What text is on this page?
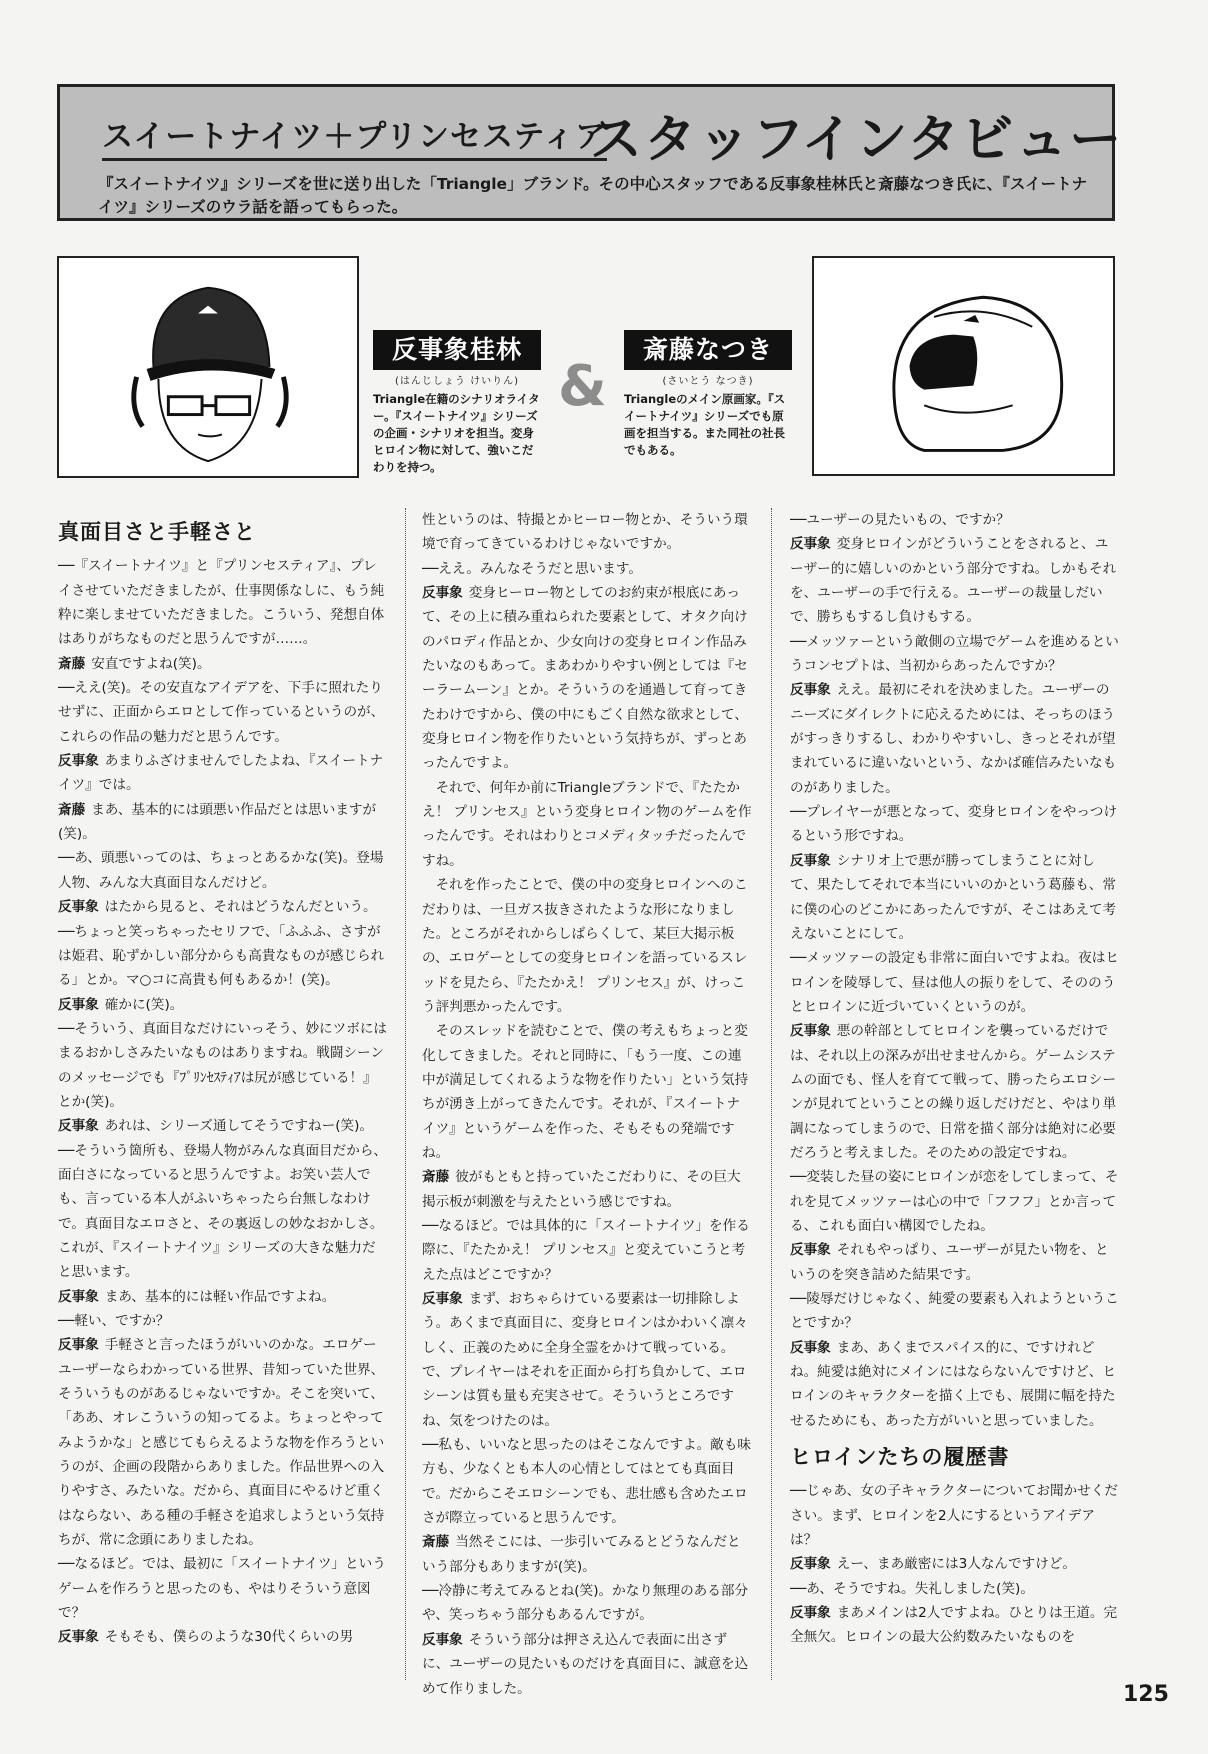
スイートナイツ＋プリンセスティア
スタッフインタビュー
『スイートナイツ』シリーズを世に送り出した「Triangle」ブランド。その中心スタッフである反事象桂林氏と斎藤なつき氏に、『スイートナイツ』シリーズのウラ話を語ってもらった。
反事象桂林
(はんじしょう けいりん)
Triangle在籍のシナリオライター。『スイートナイツ』シリーズの企画・シナリオを担当。変身ヒロイン物に対して、強いこだわりを持つ。
&
斎藤なつき
(さいとう なつき)
Triangleのメイン原画家。『スイートナイツ』シリーズでも原画を担当する。また同社の社長でもある。
真面目さと手軽さと

──『スイートナイツ』と『プリンセスティア』、プレイさせていただきましたが、仕事関係なしに、もう純粋に楽しませていただきました。こういう、発想自体はありがちなものだと思うんですが……。

斎藤 安直ですよね(笑)。

──ええ(笑)。その安直なアイデアを、下手に照れたりせずに、正面からエロとして作っているというのが、これらの作品の魅力だと思うんです。

反事象 あまりふざけませんでしたよね、『スイートナイツ』では。

斎藤 まあ、基本的には頭悪い作品だとは思いますが(笑)。

──あ、頭悪いってのは、ちょっとあるかな(笑)。登場人物、みんな大真面目なんだけど。

反事象 はたから見ると、それはどうなんだという。

──ちょっと笑っちゃったセリフで、「ふふふ、さすがは姫君、恥ずかしい部分からも高貴なものが感じられる」とか。マ○コに高貴も何もあるか！(笑)。

反事象 確かに(笑)。

──そういう、真面目なだけにいっそう、妙にツボにはまるおかしさみたいなものはありますね。戦闘シーンのメッセージでも『ﾌﾟﾘﾝｾｽﾃｨｱは尻が感じている！』とか(笑)。

反事象 あれは、シリーズ通してそうですねー(笑)。

──そういう箇所も、登場人物がみんな真面目だから、面白さになっていると思うんですよ。お笑い芸人でも、言っている本人がふいちゃったら台無しなわけで。真面目なエロさと、その裏返しの妙なおかしさ。これが、『スイートナイツ』シリーズの大きな魅力だと思います。

反事象 まあ、基本的には軽い作品ですよね。

──軽い、ですか？

反事象 手軽さと言ったほうがいいのかな。エロゲーユーザーならわかっている世界、昔知っていた世界、そういうものがあるじゃないですか。そこを突いて、「ああ、オレこういうの知ってるよ。ちょっとやってみようかな」と感じてもらえるような物を作ろうというのが、企画の段階からありました。作品世界への入りやすさ、みたいな。だから、真面目にやるけど重くはならない、ある種の手軽さを追求しようという気持ちが、常に念頭にありましたね。

──なるほど。では、最初に「スイートナイツ」というゲームを作ろうと思ったのも、やはりそういう意図で？

反事象 そもそも、僕らのような30代くらいの男

性というのは、特撮とかヒーロー物とか、そういう環境で育ってきているわけじゃないですか。

──ええ。みんなそうだと思います。

反事象 変身ヒーロー物としてのお約束が根底にあって、その上に積み重ねられた要素として、オタク向けのパロディ作品とか、少女向けの変身ヒロイン作品みたいなのもあって。まあわかりやすい例としては『セーラームーン』とか。そういうのを通過して育ってきたわけですから、僕の中にもごく自然な欲求として、変身ヒロイン物を作りたいという気持ちが、ずっとあったんですよ。

　それで、何年か前にTriangleブランドで、『たたかえ！ プリンセス』という変身ヒロイン物のゲームを作ったんです。それはわりとコメディタッチだったんですね。

　それを作ったことで、僕の中の変身ヒロインへのこだわりは、一旦ガス抜きされたような形になりました。ところがそれからしばらくして、某巨大掲示板の、エロゲーとしての変身ヒロインを語っているスレッドを見たら、『たたかえ！ プリンセス』が、けっこう評判悪かったんです。

　そのスレッドを読むことで、僕の考えもちょっと変化してきました。それと同時に、「もう一度、この連中が満足してくれるような物を作りたい」という気持ちが湧き上がってきたんです。それが、『スイートナイツ』というゲームを作った、そもそもの発端ですね。

斎藤 彼がもともと持っていたこだわりに、その巨大掲示板が刺激を与えたという感じですね。

──なるほど。では具体的に「スイートナイツ」を作る際に、『たたかえ！ プリンセス』と変えていこうと考えた点はどこですか？

反事象 まず、おちゃらけている要素は一切排除しよう。あくまで真面目に、変身ヒロインはかわいく凛々しく、正義のために全身全霊をかけて戦っている。で、プレイヤーはそれを正面から打ち負かして、エロシーンは質も量も充実させて。そういうところですね、気をつけたのは。

──私も、いいなと思ったのはそこなんですよ。敵も味方も、少なくとも本人の心情としてはとても真面目で。だからこそエロシーンでも、悲壮感も含めたエロさが際立っていると思うんです。

斎藤 当然そこには、一歩引いてみるとどうなんだという部分もありますが(笑)。

──冷静に考えてみるとね(笑)。かなり無理のある部分や、笑っちゃう部分もあるんですが。

反事象 そういう部分は押さえ込んで表面に出さずに、ユーザーの見たいものだけを真面目に、誠意を込めて作りました。

──ユーザーの見たいもの、ですか？

反事象 変身ヒロインがどういうことをされると、ユーザー的に嬉しいのかという部分ですね。しかもそれを、ユーザーの手で行える。ユーザーの裁量しだいで、勝ちもするし負けもする。

──メッツァーという敵側の立場でゲームを進めるというコンセプトは、当初からあったんですか？

反事象 ええ。最初にそれを決めました。ユーザーのニーズにダイレクトに応えるためには、そっちのほうがすっきりするし、わかりやすいし、きっとそれが望まれているに違いないという、なかば確信みたいなものがありました。

──プレイヤーが悪となって、変身ヒロインをやっつけるという形ですね。

反事象 シナリオ上で悪が勝ってしまうことに対して、果たしてそれで本当にいいのかという葛藤も、常に僕の心のどこかにあったんですが、そこはあえて考えないことにして。

──メッツァーの設定も非常に面白いですよね。夜はヒロインを陵辱して、昼は他人の振りをして、そののうとヒロインに近づいていくというのが。

反事象 悪の幹部としてヒロインを襲っているだけでは、それ以上の深みが出せませんから。ゲームシステムの面でも、怪人を育てて戦って、勝ったらエロシーンが見れてということの繰り返しだけだと、やはり単調になってしまうので、日常を描く部分は絶対に必要だろうと考えました。そのための設定ですね。

──変装した昼の姿にヒロインが恋をしてしまって、それを見てメッツァーは心の中で「フフフ」とか言ってる、これも面白い構図でしたね。

反事象 それもやっぱり、ユーザーが見たい物を、というのを突き詰めた結果です。

──陵辱だけじゃなく、純愛の要素も入れようということですか？

反事象 まあ、あくまでスパイス的に、ですけれどね。純愛は絶対にメインにはならないんですけど、ヒロインのキャラクターを描く上でも、展開に幅を持たせるためにも、あった方がいいと思っていました。

ヒロインたちの履歴書

──じゃあ、女の子キャラクターについてお聞かせください。まず、ヒロインを2人にするというアイデアは？

反事象 えー、まあ厳密には3人なんですけど。

──あ、そうですね。失礼しました(笑)。

反事象 まあメインは2人ですよね。ひとりは王道。完全無欠。ヒロインの最大公約数みたいなものを

125
